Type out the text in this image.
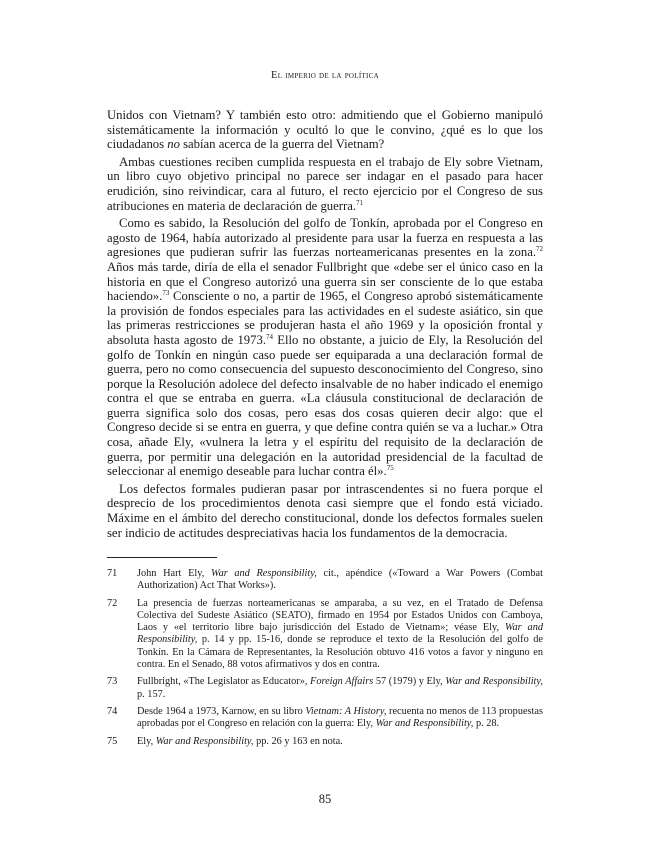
El imperio de la política

Unidos con Vietnam? Y también esto otro: admitiendo que el Gobierno manipuló sistemáticamente la información y ocultó lo que le convino, ¿qué es lo que los ciudadanos no sabían acerca de la guerra del Vietnam?

Ambas cuestiones reciben cumplida respuesta en el trabajo de Ely sobre Vietnam, un libro cuyo objetivo principal no parece ser indagar en el pasado para hacer erudición, sino reivindicar, cara al futuro, el recto ejercicio por el Congreso de sus atribuciones en materia de declaración de guerra.$^{71}$

Como es sabido, la Resolución del golfo de Tonkín, aprobada por el Congreso en agosto de 1964, había autorizado al presidente para usar la fuerza en respuesta a las agresiones que pudieran sufrir las fuerzas norteamericanas presentes en la zona.$^{72}$ Años más tarde, diría de ella el senador Fullbright que «debe ser el único caso en la historia en que el Congreso autorizó una guerra sin ser consciente de lo que estaba haciendo».$^{73}$ Consciente o no, a partir de 1965, el Congreso aprobó sistemáticamente la provisión de fondos especiales para las actividades en el sudeste asiático, sin que las primeras restricciones se produjeran hasta el año 1969 y la oposición frontal y absoluta hasta agosto de 1973.74 Ello no obstante, a juicio de Ely, la Resolución del golfo de Tonkín en ningún caso puede ser equiparada a una declaración formal de guerra, pero no como consecuencia del supuesto desconocimiento del Congreso, sino porque la Resolución adolece del defecto insalvable de no haber indicado el enemigo contra el que se entraba en guerra. «La cláusula constitucional de declaración de guerra significa solo dos cosas, pero esas dos cosas quieren decir algo: que el Congreso decide si se entra en guerra, y que define contra quién se va a luchar.» Otra cosa, añade Ely, «vulnera la letra y el espíritu del requisito de la declaración de guerra, por permitir una delegación en la autoridad presidencial de la facultad de seleccionar al enemigo deseable para luchar contra él».$^{75}$

Los defectos formales pudieran pasar por intrascendentes si no fuera porque el desprecio de los procedimientos denota casi siempre que el fondo está viciado. Máxime en el ámbito del derecho constitucional, donde los defectos formales suelen ser indicio de actitudes despreciativas hacia los fundamentos de la democracia.

71	John Hart Ely, War and Responsibility, cit., apéndice («Toward a War Powers (Combat Authorization) Act That Works»).
72	La presencia de fuerzas norteamericanas se amparaba, a su vez, en el Tratado de Defensa Colectiva del Sudeste Asiático (SEATO), firmado en 1954 por Estados Unidos con Camboya, Laos y «el territorio libre bajo jurisdicción del Estado de Vietnam»; véase Ely, War and Responsibility, p. 14 y pp. 15-16, donde se reproduce el texto de la Resolución del golfo de Tonkín. En la Cámara de Representantes, la Resolución obtuvo 416 votos a favor y ninguno en contra. En el Senado, 88 votos afirmativos y dos en contra.
73	Fullbright, «The Legislator as Educator», Foreign Affairs 57 (1979) y Ely, War and Responsibility, p. 157.
74	Desde 1964 a 1973, Karnow, en su libro Vietnam: A History, recuenta no menos de 113 propuestas aprobadas por el Congreso en relación con la guerra: Ely, War and Responsibility, p. 28.
75	Ely, War and Responsibility, pp. 26 y 163 en nota.
85
